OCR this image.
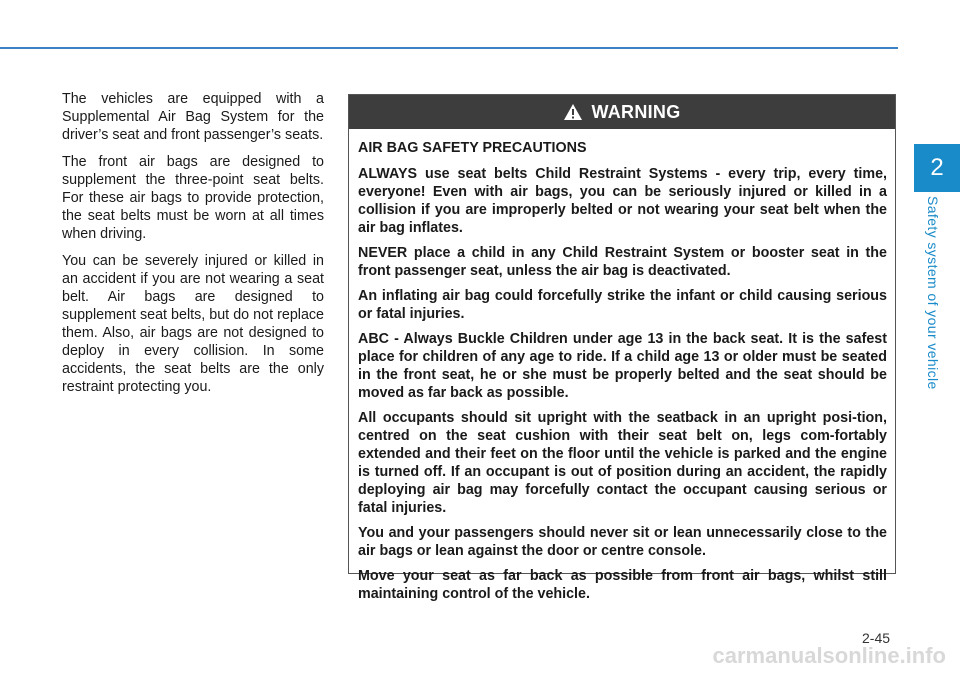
The vehicles are equipped with a Supplemental Air Bag System for the driver’s seat and front passenger’s seats.

The front air bags are designed to supplement the three-point seat belts. For these air bags to provide protection, the seat belts must be worn at all times when driving.

You can be severely injured or killed in an accident if you are not wearing a seat belt. Air bags are designed to supplement seat belts, but do not replace them. Also, air bags are not designed to deploy in every collision. In some accidents, the seat belts are the only restraint protecting you.

WARNING

AIR BAG SAFETY PRECAUTIONS

ALWAYS use seat belts Child Restraint Systems - every trip, every time, everyone! Even with air bags, you can be seriously injured or killed in a collision if you are improperly belted or not wearing your seat belt when the air bag inflates.

NEVER place a child in any Child Restraint System or booster seat in the front passenger seat, unless the air bag is deactivated.

An inflating air bag could forcefully strike the infant or child causing serious or fatal injuries.

ABC - Always Buckle Children under age 13 in the back seat. It is the safest place for children of any age to ride. If a child age 13 or older must be seated in the front seat, he or she must be properly belted and the seat should be moved as far back as possible.

All occupants should sit upright with the seatback in an upright posi-tion, centred on the seat cushion with their seat belt on, legs com-fortably extended and their feet on the floor until the vehicle is parked and the engine is turned off. If an occupant is out of position during an accident, the rapidly deploying air bag may forcefully contact the occupant causing serious or fatal injuries.

You and your passengers should never sit or lean unnecessarily close to the air bags or lean against the door or centre console.

Move your seat as far back as possible from front air bags, whilst still maintaining control of the vehicle.

2
Safety system of your vehicle
2-45
carmanualsonline.info
